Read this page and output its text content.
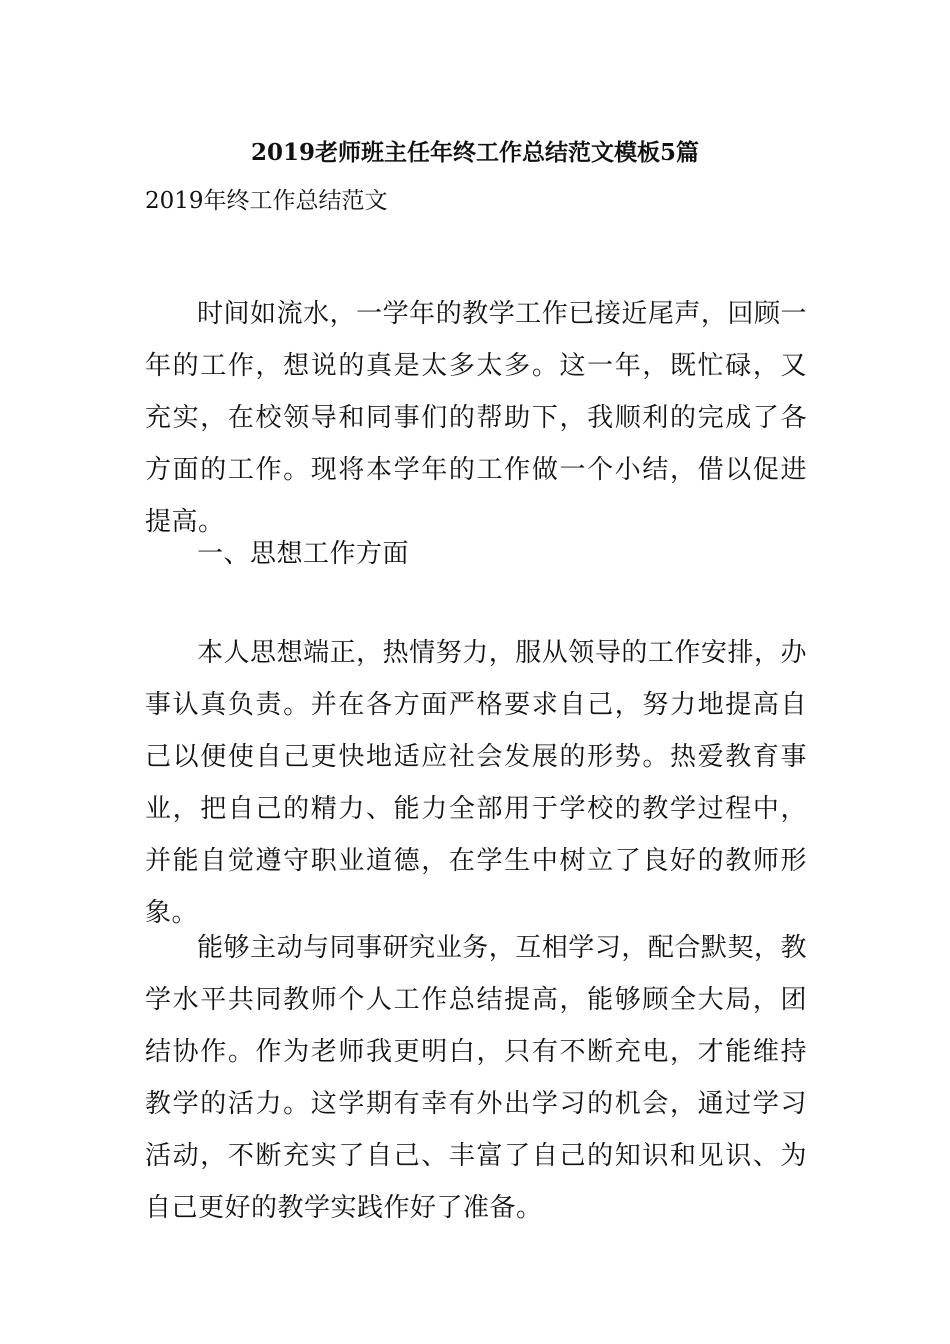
2019老师班主任年终工作总结范文模板5篇
2019年终工作总结范文

时间如流水，一学年的教学工作已接近尾声，回顾一年的工作，想说的真是太多太多。这一年，既忙碌，又充实，在校领导和同事们的帮助下，我顺利的完成了各方面的工作。现将本学年的工作做一个小结，借以促进提高。

一、思想工作方面

本人思想端正，热情努力，服从领导的工作安排，办事认真负责。并在各方面严格要求自己，努力地提高自己以便使自己更快地适应社会发展的形势。热爱教育事业，把自己的精力、能力全部用于学校的教学过程中，并能自觉遵守职业道德，在学生中树立了良好的教师形象。

能够主动与同事研究业务，互相学习，配合默契，教学水平共同教师个人工作总结提高，能够顾全大局，团结协作。作为老师我更明白，只有不断充电，才能维持教学的活力。这学期有幸有外出学习的机会，通过学习活动，不断充实了自己、丰富了自己的知识和见识、为自己更好的教学实践作好了准备。
